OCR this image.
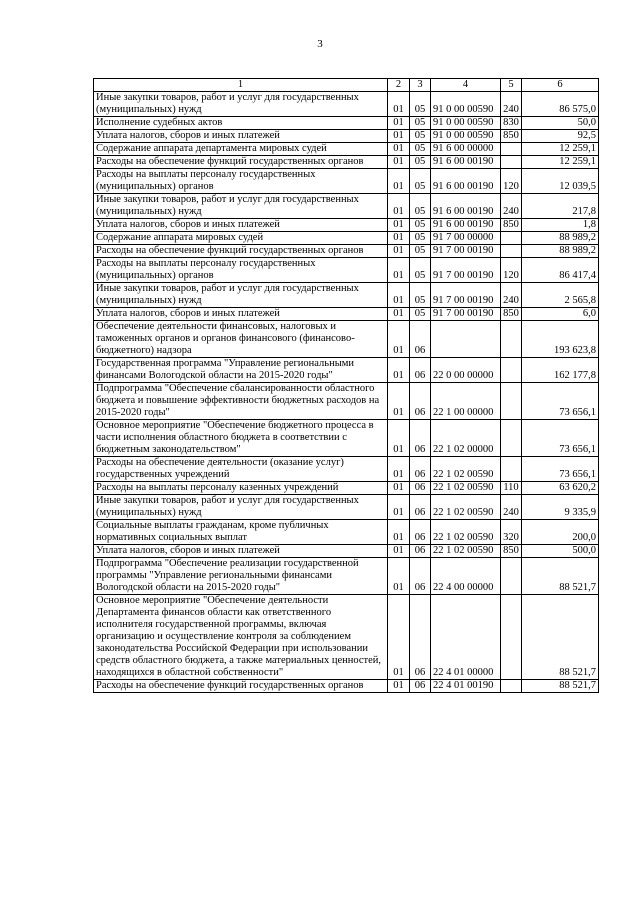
3
1	2	3	4	5	6
Иные закупки товаров, работ и услуг для государственных (муниципальных) нужд	01	05	91 0 00 00590	240	86 575,0
Исполнение судебных актов	01	05	91 0 00 00590	830	50,0
Уплата налогов, сборов и иных платежей	01	05	91 0 00 00590	850	92,5
Содержание аппарата департамента мировых судей	01	05	91 6 00 00000		12 259,1
Расходы на обеспечение функций государственных органов	01	05	91 6 00 00190		12 259,1
Расходы на выплаты персоналу государственных (муниципальных) органов	01	05	91 6 00 00190	120	12 039,5
Иные закупки товаров, работ и услуг для государственных (муниципальных) нужд	01	05	91 6 00 00190	240	217,8
Уплата налогов, сборов и иных платежей	01	05	91 6 00 00190	850	1,8
Содержание аппарата мировых судей	01	05	91 7 00 00000		88 989,2
Расходы на обеспечение функций государственных органов	01	05	91 7 00 00190		88 989,2
Расходы на выплаты персоналу государственных (муниципальных) органов	01	05	91 7 00 00190	120	86 417,4
Иные закупки товаров, работ и услуг для государственных (муниципальных) нужд	01	05	91 7 00 00190	240	2 565,8
Уплата налогов, сборов и иных платежей	01	05	91 7 00 00190	850	6,0
Обеспечение деятельности финансовых, налоговых и таможенных органов и органов финансового (финансово-бюджетного) надзора	01	06			193 623,8
Государственная программа "Управление региональными финансами Вологодской области на 2015-2020 годы"	01	06	22 0 00 00000		162 177,8
Подпрограмма "Обеспечение сбалансированности областного бюджета и повышение эффективности бюджетных расходов на 2015-2020 годы"	01	06	22 1 00 00000		73 656,1
Основное мероприятие "Обеспечение бюджетного процесса в части исполнения областного бюджета в соответствии с бюджетным законодательством"	01	06	22 1 02 00000		73 656,1
Расходы на обеспечение деятельности (оказание услуг) государственных учреждений	01	06	22 1 02 00590		73 656,1
Расходы на выплаты персоналу казенных учреждений	01	06	22 1 02 00590	110	63 620,2
Иные закупки товаров, работ и услуг для государственных (муниципальных) нужд	01	06	22 1 02 00590	240	9 335,9
Социальные выплаты гражданам, кроме публичных нормативных социальных выплат	01	06	22 1 02 00590	320	200,0
Уплата налогов, сборов и иных платежей	01	06	22 1 02 00590	850	500,0
Подпрограмма "Обеспечение реализации государственной программы "Управление региональными финансами Вологодской области на 2015-2020 годы"	01	06	22 4 00 00000		88 521,7
Основное мероприятие "Обеспечение деятельности Департамента финансов области как ответственного исполнителя государственной программы, включая организацию и осуществление контроля за соблюдением законодательства Российской Федерации при использовании средств областного бюджета, а также материальных ценностей, находящихся в областной собственности"	01	06	22 4 01 00000		88 521,7
Расходы на обеспечение функций государственных органов	01	06	22 4 01 00190		88 521,7
